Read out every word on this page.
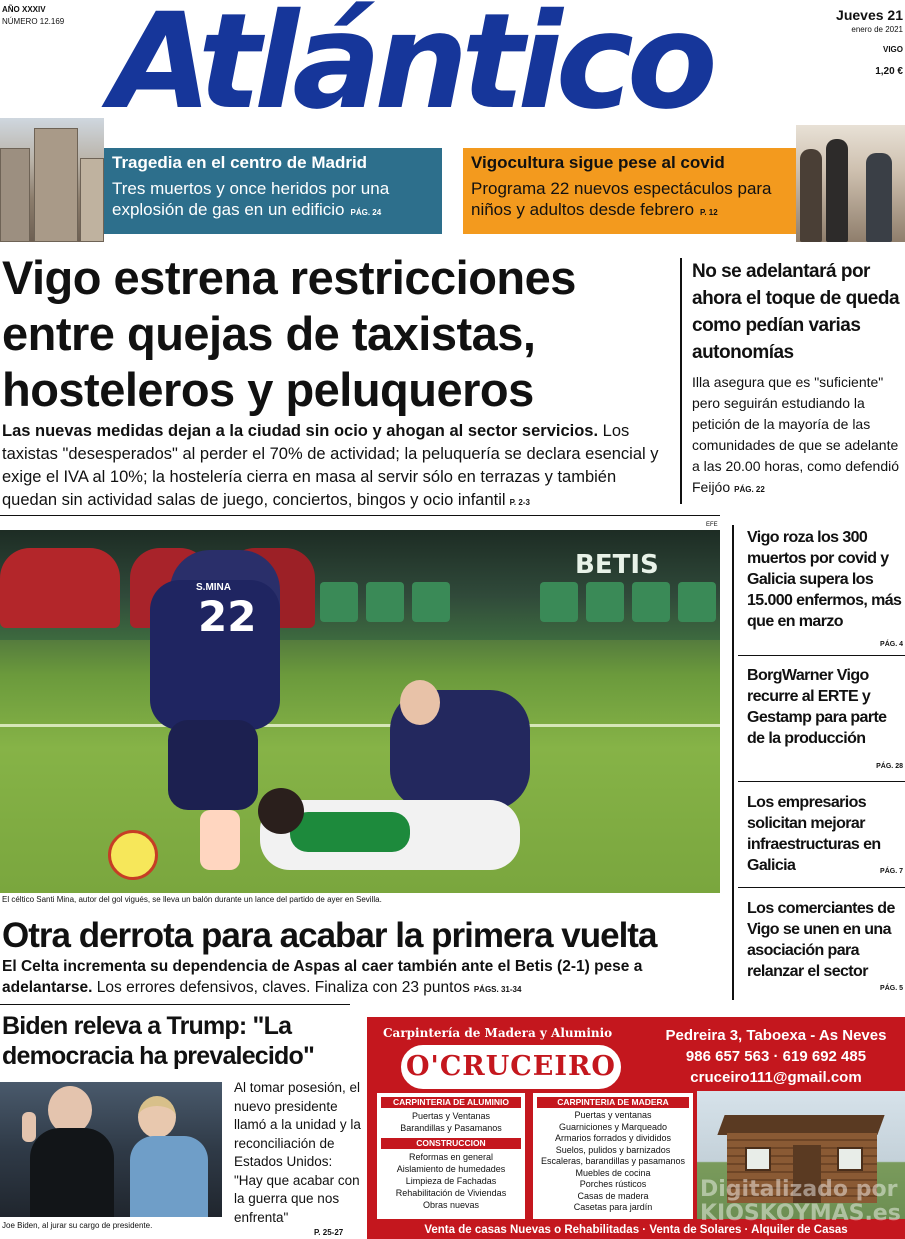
AÑO XXXIV
NÚMERO 12.169 Atlántico	Jueves 21
enero de 2021
VIGO
1,20 €
Tragedia en el centro de Madrid
Tres muertos y once heridos por una explosión de gas en un edificio PÁG. 24
Vigocultura sigue pese al covid
Programa 22 nuevos espectáculos para niños y adultos desde febrero P. 12
Vigo estrena restricciones entre quejas de taxistas, hosteleros y peluqueros
Las nuevas medidas dejan a la ciudad sin ocio y ahogan al sector servicios. Los taxistas "desesperados" al perder el 70% de actividad; la peluquería se declara esencial y exige el IVA al 10%; la hostelería cierra en masa al servir sólo en terrazas y también quedan sin actividad salas de juego, conciertos, bingos y ocio infantil P. 2-3
No se adelantará por ahora el toque de queda como pedían varias autonomías
Illa asegura que es "suficiente" pero seguirán estudiando la petición de la mayoría de las comunidades de que se adelante a las 20.00 horas, como defendió Feijóo PÁG. 22
EFE
BETIS
22
S.MINA
El céltico Santi Mina, autor del gol vigués, se lleva un balón durante un lance del partido de ayer en Sevilla.
Otra derrota para acabar la primera vuelta
El Celta incrementa su dependencia de Aspas al caer también ante el Betis (2-1) pese a adelantarse. Los errores defensivos, claves. Finaliza con 23 puntos PÁGS. 31-34
Vigo roza los 300 muertos por covid y Galicia supera los 15.000 enfermos, más que en marzo
PÁG. 4
BorgWarner Vigo recurre al ERTE y Gestamp para parte de la producción
PÁG. 28
Los empresarios solicitan mejorar infraestructuras en Galicia	PÁG. 7
Los comerciantes de Vigo se unen en una asociación para relanzar el sector
PÁG. 5
Biden releva a Trump: "La democracia ha prevalecido"
Al tomar posesión, el nuevo presidente llamó a la unidad y la reconciliación de Estados Unidos: "Hay que acabar con la guerra que nos enfrenta"
Joe Biden, al jurar su cargo de presidente.
P. 25-27
Carpintería de Madera y Aluminio
O'CRUCEIRO
Pedreira 3, Taboexa - As Neves
986 657 563 · 619 692 485
cruceiro111@gmail.com
CARPINTERIA DE ALUMINIO
Puertas y Ventanas
Barandillas y Pasamanos
CONSTRUCCION
Reformas en general
Aislamiento de humedades
Limpieza de Fachadas
Rehabilitación de Viviendas
Obras nuevas
CARPINTERIA DE MADERA
Puertas y ventanas
Guarniciones y Marqueado
Armarios forrados y divididos
Suelos, pulidos y barnizados
Escaleras, barandillas y pasamanos
Muebles de cocina
Porches rústicos
Casas de madera
Casetas para jardín
Venta de casas Nuevas o Rehabilitadas · Venta de Solares · Alquiler de Casas
Digitalizado por KIOSKOYMAS.es
